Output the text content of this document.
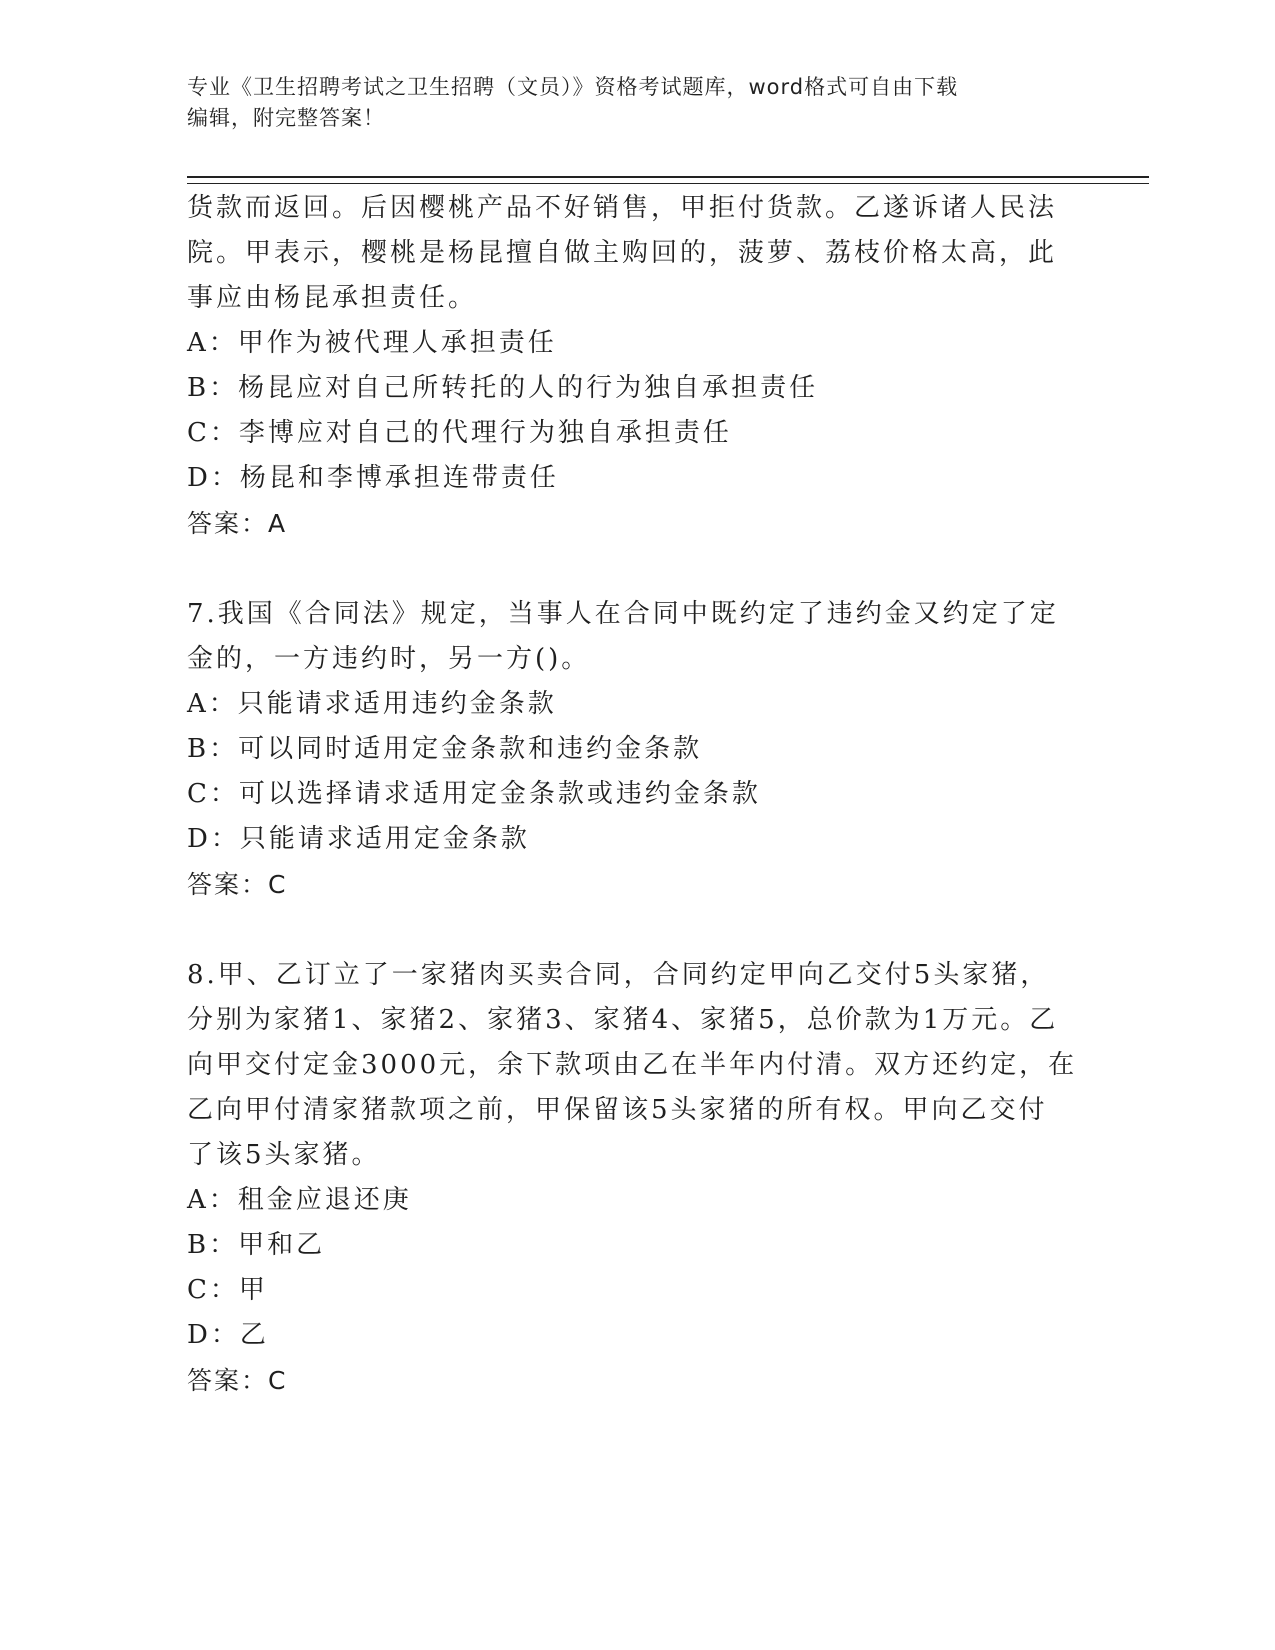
专业《卫生招聘考试之卫生招聘（文员）》资格考试题库，word格式可自由下载
编辑，附完整答案！

货款而返回。后因樱桃产品不好销售，甲拒付货款。乙遂诉诸人民法

院。甲表示，樱桃是杨昆擅自做主购回的，菠萝、荔枝价格太高，此

事应由杨昆承担责任。

A：甲作为被代理人承担责任

B：杨昆应对自己所转托的人的行为独自承担责任

C：李博应对自己的代理行为独自承担责任

D：杨昆和李博承担连带责任

答案：A

7.我国《合同法》规定，当事人在合同中既约定了违约金又约定了定

金的，一方违约时，另一方()。

A：只能请求适用违约金条款

B：可以同时适用定金条款和违约金条款

C：可以选择请求适用定金条款或违约金条款

D：只能请求适用定金条款

答案：C

8.甲、乙订立了一家猪肉买卖合同，合同约定甲向乙交付5头家猪，

分别为家猪1、家猪2、家猪3、家猪4、家猪5，总价款为1万元。乙

向甲交付定金3000元，余下款项由乙在半年内付清。双方还约定，在

乙向甲付清家猪款项之前，甲保留该5头家猪的所有权。甲向乙交付

了该5头家猪。

A：租金应退还庚

B：甲和乙

C：甲

D：乙

答案：C
